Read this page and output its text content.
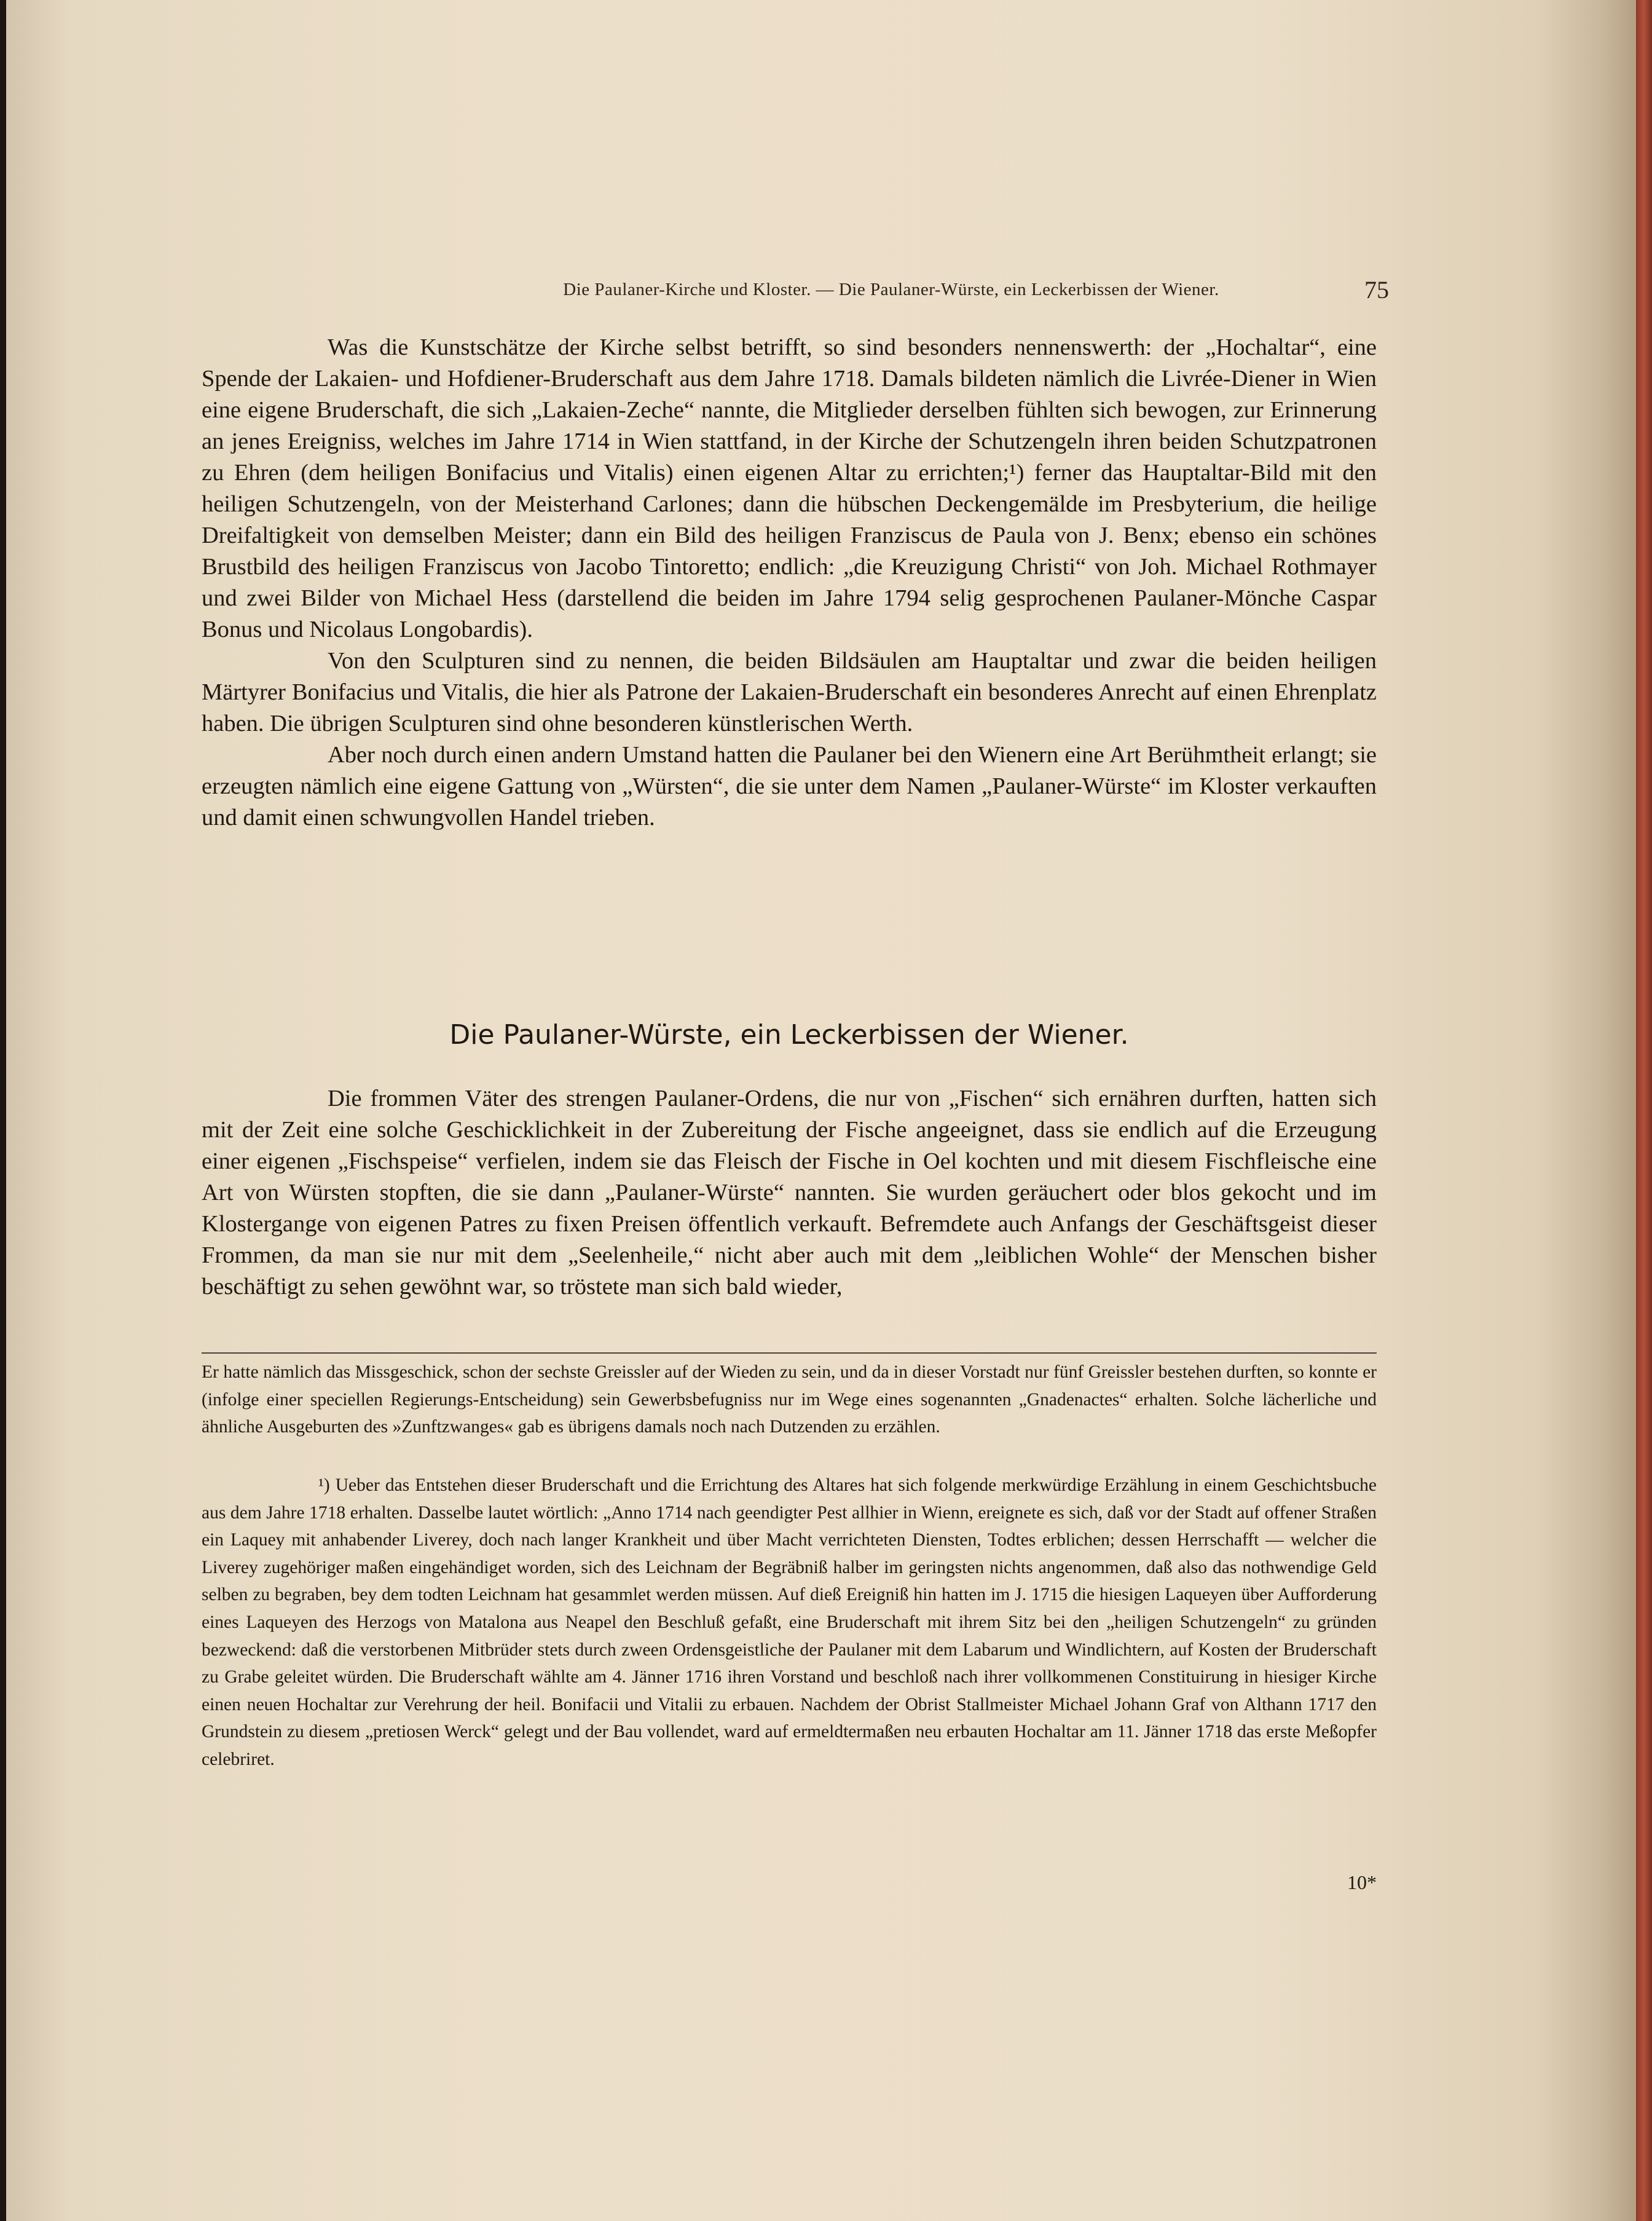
Die Paulaner-Kirche und Kloster. — Die Paulaner-Würste, ein Leckerbissen der Wiener.	75

Was die Kunstschätze der Kirche selbst betrifft, so sind besonders nennenswerth: der „Hochaltar“, eine Spende der Lakaien- und Hofdiener-Bruderschaft aus dem Jahre 1718. Damals bildeten nämlich die Livrée-Diener in Wien eine eigene Bruderschaft, die sich „Lakaien-Zeche“ nannte, die Mitglieder derselben fühlten sich bewogen, zur Erinnerung an jenes Ereigniss, welches im Jahre 1714 in Wien stattfand, in der Kirche der Schutzengeln ihren beiden Schutzpatronen zu Ehren (dem heiligen Bonifacius und Vitalis) einen eigenen Altar zu errichten;¹) ferner das Hauptaltar-Bild mit den heiligen Schutzengeln, von der Meisterhand Carlones; dann die hübschen Deckengemälde im Presbyterium, die heilige Dreifaltigkeit von demselben Meister; dann ein Bild des heiligen Franziscus de Paula von J. Benx; ebenso ein schönes Brustbild des heiligen Franziscus von Jacobo Tintoretto; endlich: „die Kreuzigung Christi“ von Joh. Michael Rothmayer und zwei Bilder von Michael Hess (darstellend die beiden im Jahre 1794 selig gesprochenen Paulaner-Mönche Caspar Bonus und Nicolaus Longobardis).

Von den Sculpturen sind zu nennen, die beiden Bildsäulen am Hauptaltar und zwar die beiden heiligen Märtyrer Bonifacius und Vitalis, die hier als Patrone der Lakaien-Bruderschaft ein besonderes Anrecht auf einen Ehrenplatz haben. Die übrigen Sculpturen sind ohne besonderen künstlerischen Werth.

Aber noch durch einen andern Umstand hatten die Paulaner bei den Wienern eine Art Berühmtheit erlangt; sie erzeugten nämlich eine eigene Gattung von „Würsten“, die sie unter dem Namen „Paulaner-Würste“ im Kloster verkauften und damit einen schwungvollen Handel trieben.

Die Paulaner-Würste, ein Leckerbissen der Wiener.

Die frommen Väter des strengen Paulaner-Ordens, die nur von „Fischen“ sich ernähren durften, hatten sich mit der Zeit eine solche Geschicklichkeit in der Zubereitung der Fische angeeignet, dass sie endlich auf die Erzeugung einer eigenen „Fischspeise“ verfielen, indem sie das Fleisch der Fische in Oel kochten und mit diesem Fischfleische eine Art von Würsten stopften, die sie dann „Paulaner-Würste“ nannten. Sie wurden geräuchert oder blos gekocht und im Klostergange von eigenen Patres zu fixen Preisen öffentlich verkauft. Befremdete auch Anfangs der Geschäftsgeist dieser Frommen, da man sie nur mit dem „Seelenheile,“ nicht aber auch mit dem „leiblichen Wohle“ der Menschen bisher beschäftigt zu sehen gewöhnt war, so tröstete man sich bald wieder,

Er hatte nämlich das Missgeschick, schon der sechste Greissler auf der Wieden zu sein, und da in dieser Vorstadt nur fünf Greissler bestehen durften, so konnte er (infolge einer speciellen Regierungs-Entscheidung) sein Gewerbsbefugniss nur im Wege eines sogenannten „Gnadenactes“ erhalten. Solche lächerliche und ähnliche Ausgeburten des »Zunftzwanges« gab es übrigens damals noch nach Dutzenden zu erzählen.

¹) Ueber das Entstehen dieser Bruderschaft und die Errichtung des Altares hat sich folgende merkwürdige Erzählung in einem Geschichtsbuche aus dem Jahre 1718 erhalten. Dasselbe lautet wörtlich: „Anno 1714 nach geendigter Pest allhier in Wienn, ereignete es sich, daß vor der Stadt auf offener Straßen ein Laquey mit anhabender Liverey, doch nach langer Krankheit und über Macht verrichteten Diensten, Todtes erblichen; dessen Herrschafft — welcher die Liverey zugehöriger maßen eingehändiget worden, sich des Leichnam der Begräbniß halber im geringsten nichts angenommen, daß also das nothwendige Geld selben zu begraben, bey dem todten Leichnam hat gesammlet werden müssen. Auf dieß Ereigniß hin hatten im J. 1715 die hiesigen Laqueyen über Aufforderung eines Laqueyen des Herzogs von Matalona aus Neapel den Beschluß gefaßt, eine Bruderschaft mit ihrem Sitz bei den „heiligen Schutzengeln“ zu gründen bezweckend: daß die verstorbenen Mitbrüder stets durch zween Ordensgeistliche der Paulaner mit dem Labarum und Windlichtern, auf Kosten der Bruderschaft zu Grabe geleitet würden. Die Bruderschaft wählte am 4. Jänner 1716 ihren Vorstand und beschloß nach ihrer vollkommenen Constituirung in hiesiger Kirche einen neuen Hochaltar zur Verehrung der heil. Bonifacii und Vitalii zu erbauen. Nachdem der Obrist Stallmeister Michael Johann Graf von Althann 1717 den Grundstein zu diesem „pretiosen Werck“ gelegt und der Bau vollendet, ward auf ermeldtermaßen neu erbauten Hochaltar am 11. Jänner 1718 das erste Meßopfer celebriret.

10*
